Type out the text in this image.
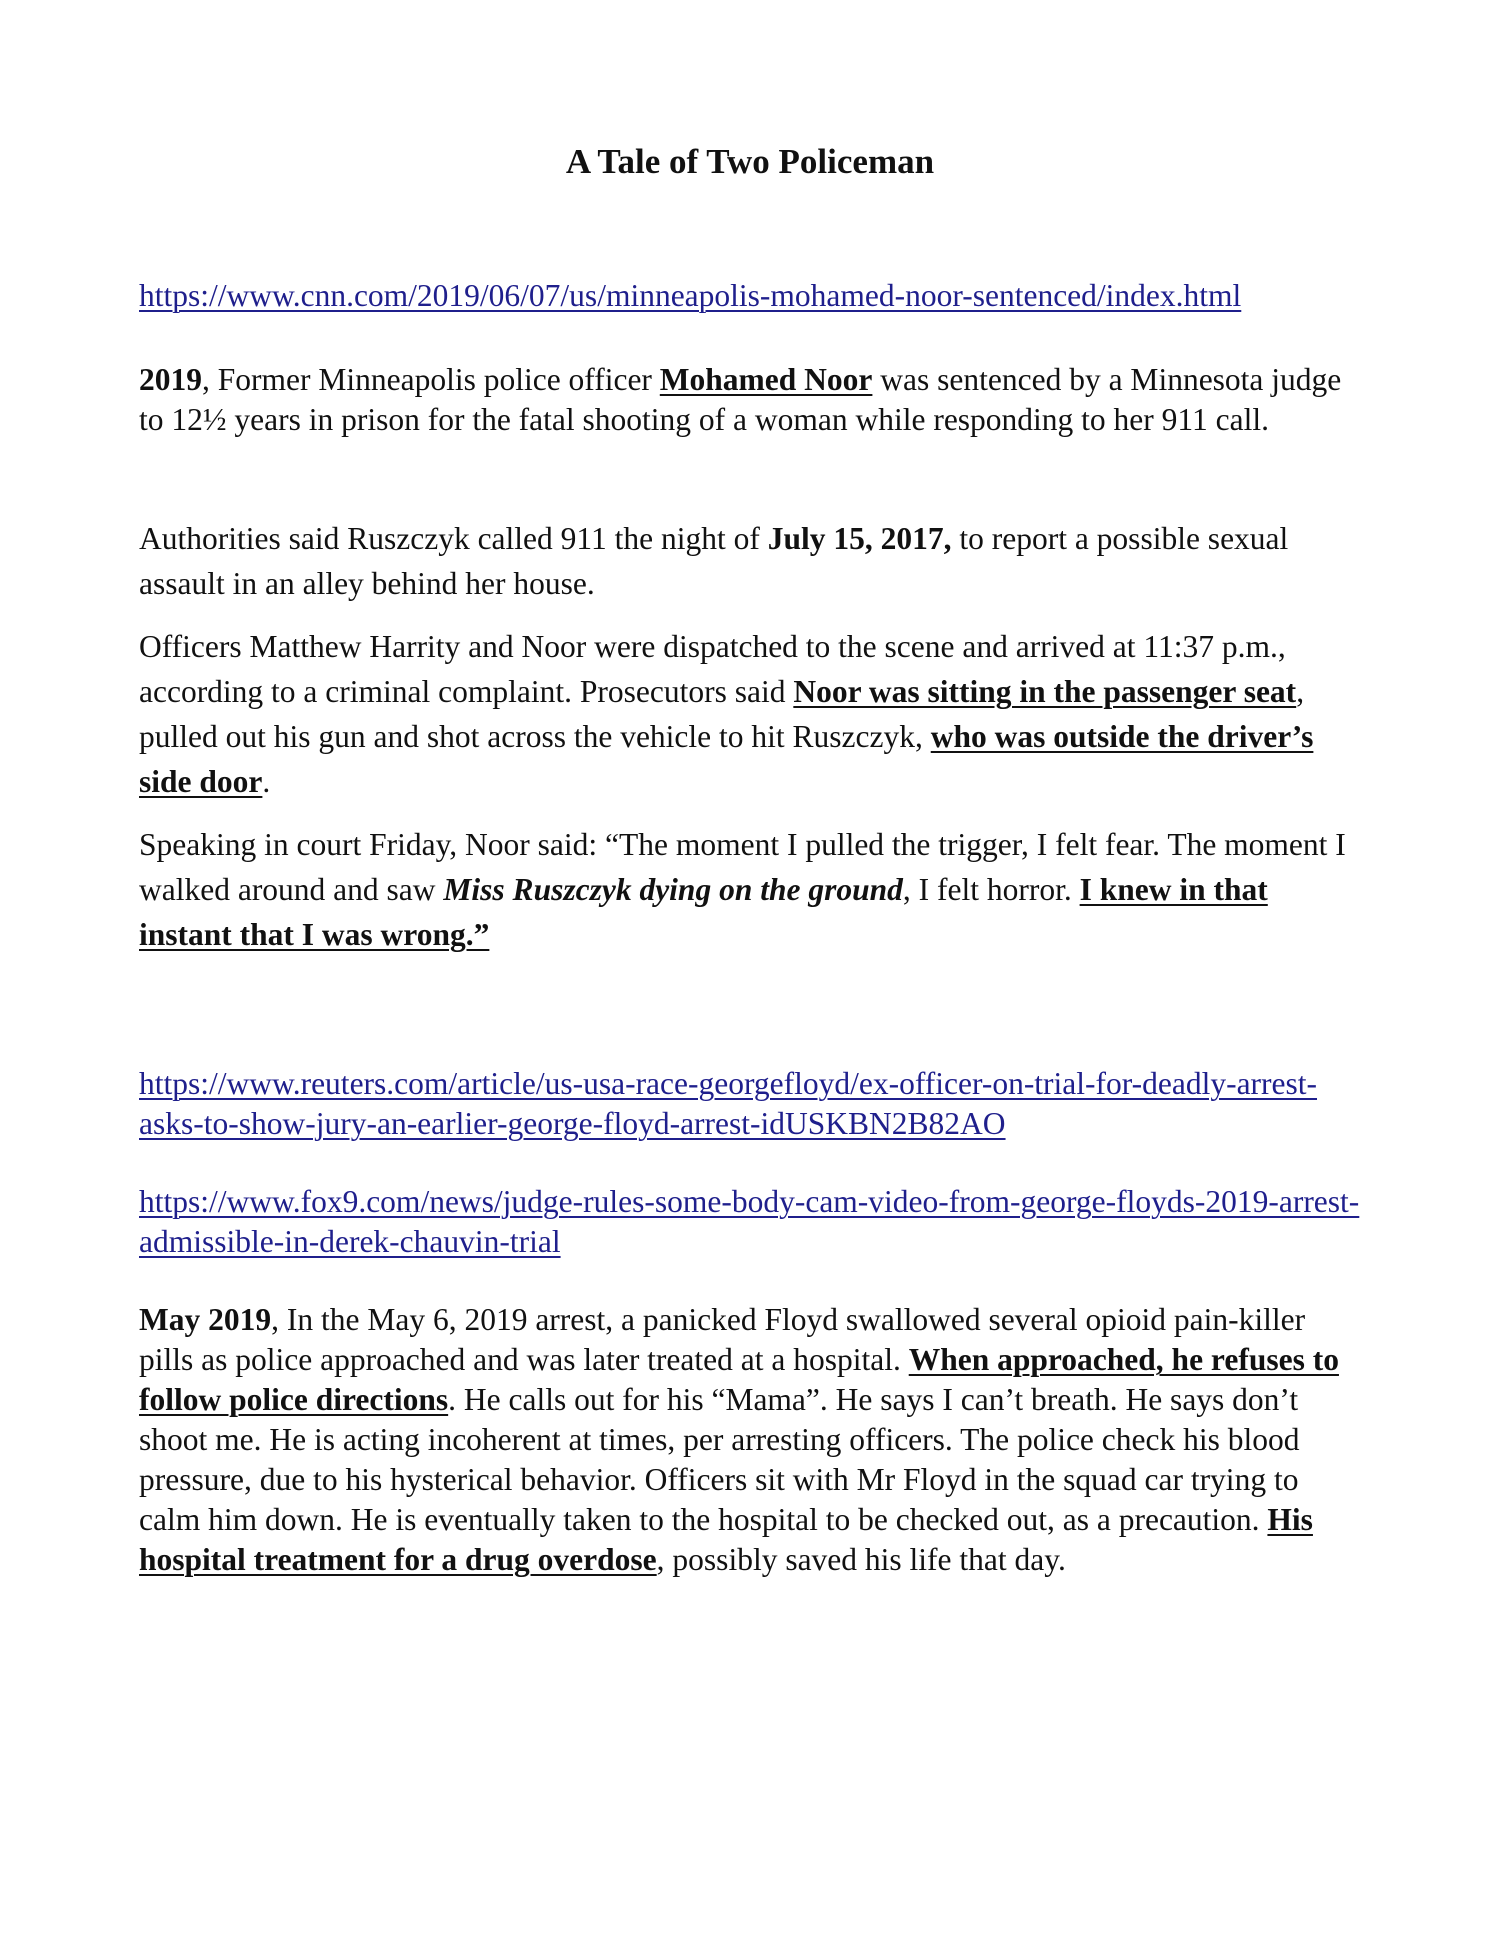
A Tale of Two Policeman

https://www.cnn.com/2019/06/07/us/minneapolis-mohamed-noor-sentenced/index.html

2019, Former Minneapolis police officer Mohamed Noor was sentenced by a Minnesota judge to 12½ years in prison for the fatal shooting of a woman while responding to her 911 call.

Authorities said Ruszczyk called 911 the night of July 15, 2017, to report a possible sexual assault in an alley behind her house.

Officers Matthew Harrity and Noor were dispatched to the scene and arrived at 11:37 p.m., according to a criminal complaint. Prosecutors said Noor was sitting in the passenger seat, pulled out his gun and shot across the vehicle to hit Ruszczyk, who was outside the driver’s side door.

Speaking in court Friday, Noor said: “The moment I pulled the trigger, I felt fear. The moment I walked around and saw Miss Ruszczyk dying on the ground, I felt horror. I knew in that instant that I was wrong.”

https://www.reuters.com/article/us-usa-race-georgefloyd/ex-officer-on-trial-for-deadly-arrest-asks-to-show-jury-an-earlier-george-floyd-arrest-idUSKBN2B82AO

https://www.fox9.com/news/judge-rules-some-body-cam-video-from-george-floyds-2019-arrest-admissible-in-derek-chauvin-trial

May 2019, In the May 6, 2019 arrest, a panicked Floyd swallowed several opioid pain-killer pills as police approached and was later treated at a hospital. When approached, he refuses to follow police directions. He calls out for his “Mama”. He says I can’t breath. He says don’t shoot me. He is acting incoherent at times, per arresting officers. The police check his blood pressure, due to his hysterical behavior. Officers sit with Mr Floyd in the squad car trying to calm him down. He is eventually taken to the hospital to be checked out, as a precaution. His hospital treatment for a drug overdose, possibly saved his life that day.
